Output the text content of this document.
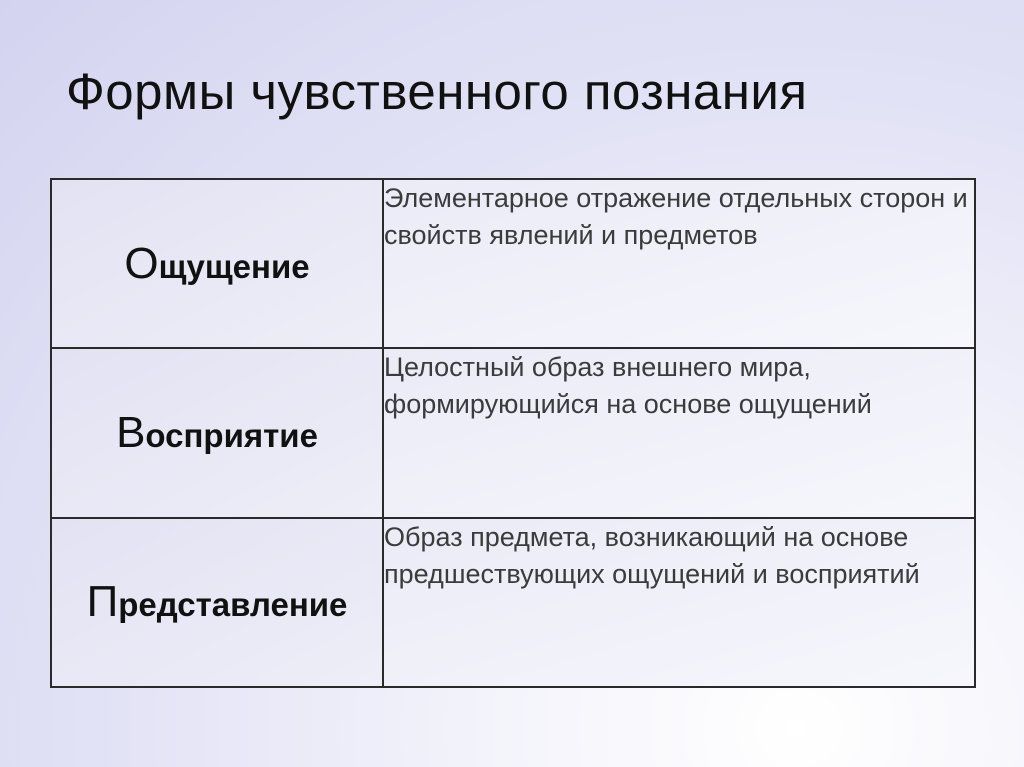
Формы чувственного познания
Ощущение	Элементарное отражение отдельных сторон и свойств явлений и предметов
Восприятие	Целостный образ внешнего мира, формирующийся на основе ощущений
Представление	Образ предмета, возникающий на основе предшествующих ощущений и восприятий
